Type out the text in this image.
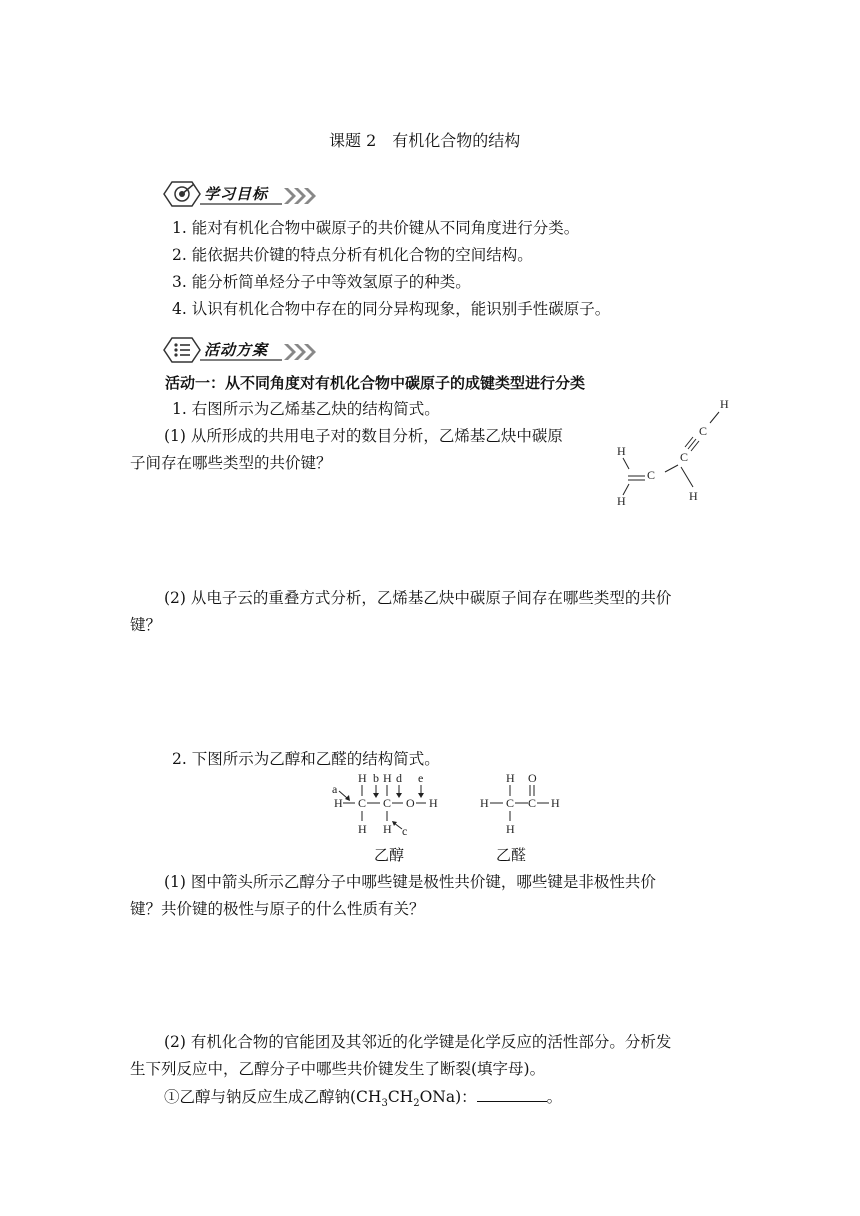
课题 2　有机化合物的结构
学习目标
1. 能对有机化合物中碳原子的共价键从不同角度进行分类。
2. 能依据共价键的特点分析有机化合物的空间结构。
3. 能分析简单烃分子中等效氢原子的种类。
4. 认识有机化合物中存在的同分异构现象，能识别手性碳原子。
活动方案
活动一：从不同角度对有机化合物中碳原子的成键类型进行分类
1. 右图所示为乙烯基乙炔的结构简式。
(1) 从所形成的共用电子对的数目分析，乙烯基乙炔中碳原
子间存在哪些类型的共价键？
H
C
C
H
C
H
H
(2) 从电子云的重叠方式分析，乙烯基乙炔中碳原子间存在哪些类型的共价
键？
2. 下图所示为乙醇和乙醛的结构简式。
H b H d e
a
H C C O H
H H c
H O
H C C H
H
乙醇	乙醛
(1) 图中箭头所示乙醇分子中哪些键是极性共价键，哪些键是非极性共价
键？共价键的极性与原子的什么性质有关？
(2) 有机化合物的官能团及其邻近的化学键是化学反应的活性部分。分析发
生下列反应中，乙醇分子中哪些共价键发生了断裂(填字母)。
①乙醇与钠反应生成乙醇钠$(CH_3CH_2ONa)$：	。
